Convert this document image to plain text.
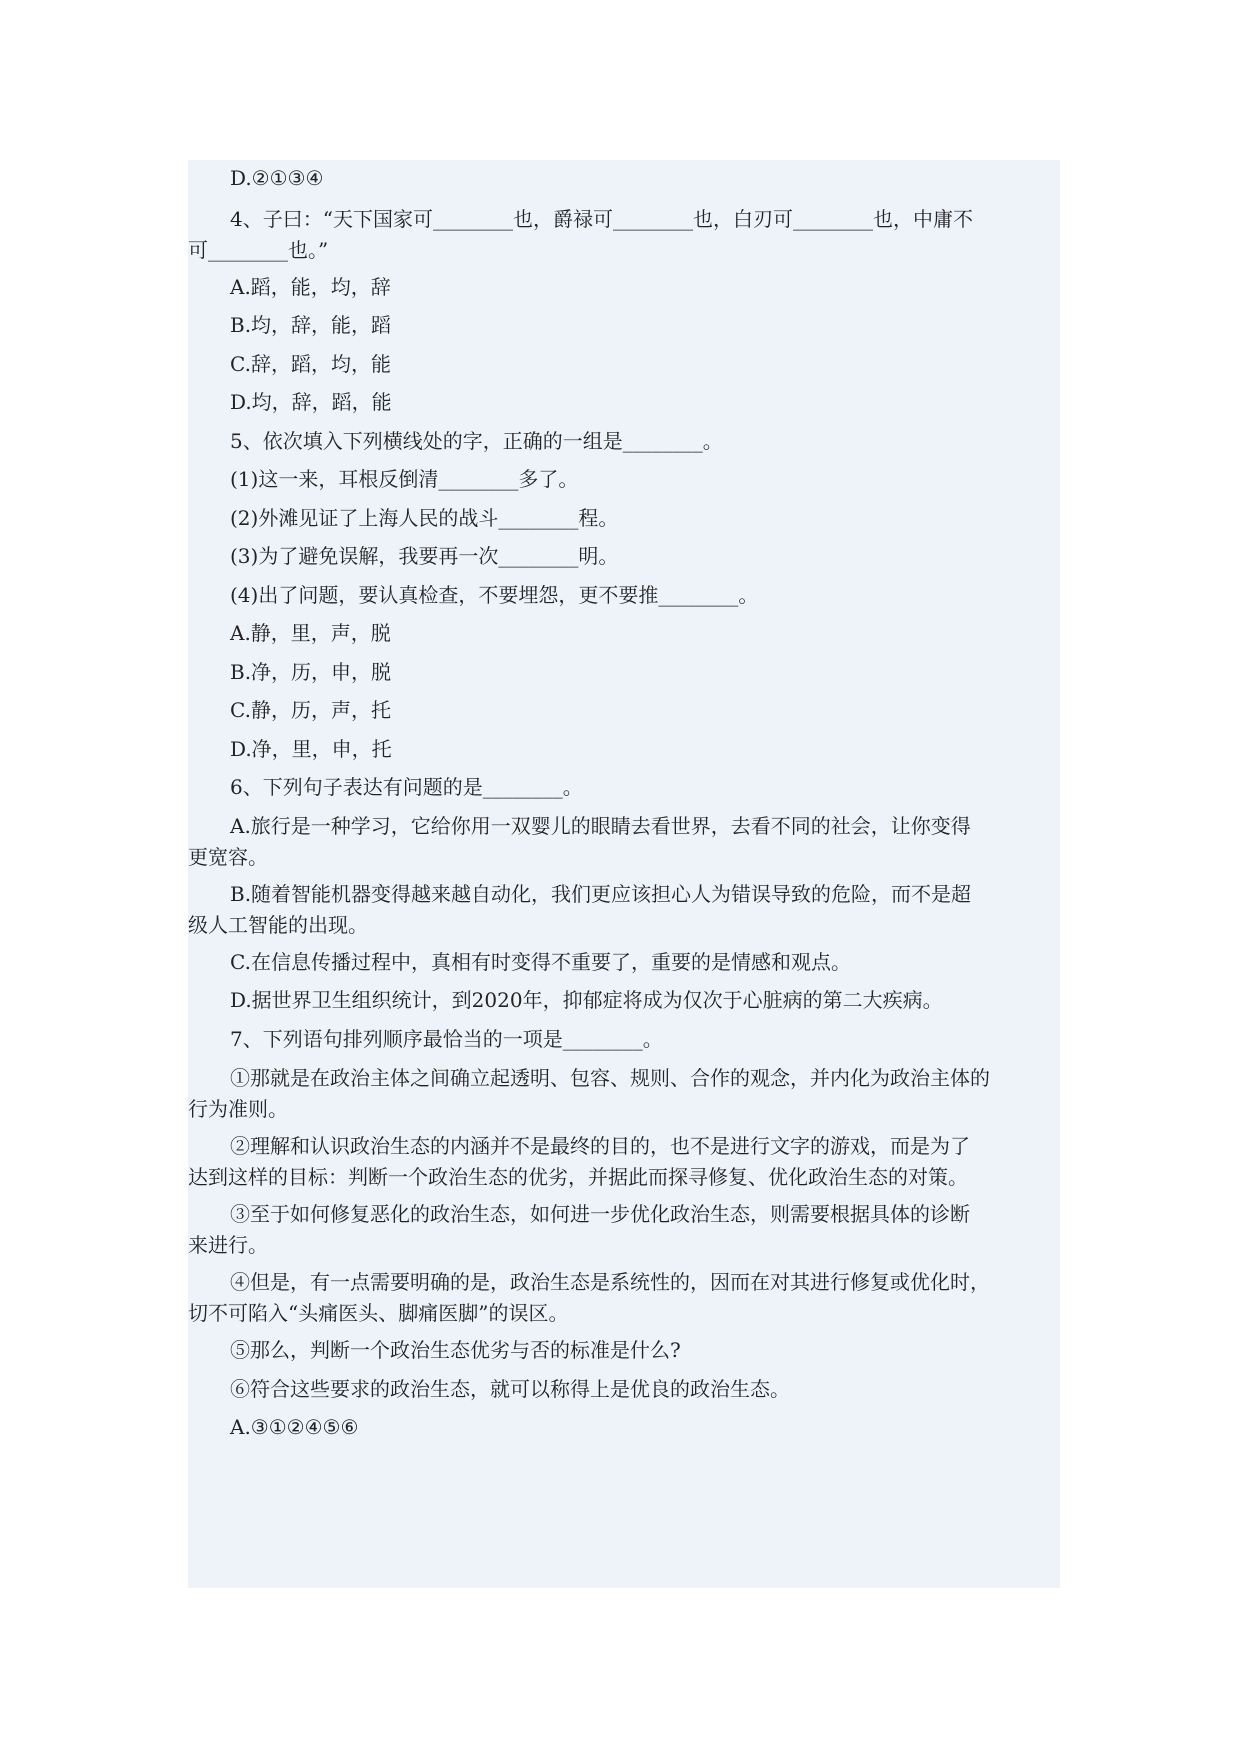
D.②①③④
4、子曰：“天下国家可________也，爵禄可________也，白刃可________也，中庸不
可________也。”
A.蹈，能，均，辞
B.均，辞，能，蹈
C.辞，蹈，均，能
D.均，辞，蹈，能
5、依次填入下列横线处的字，正确的一组是________。
(1)这一来，耳根反倒清________多了。
(2)外滩见证了上海人民的战斗________程。
(3)为了避免误解，我要再一次________明。
(4)出了问题，要认真检查，不要埋怨，更不要推________。
A.静，里，声，脱
B.净，历，申，脱
C.静，历，声，托
D.净，里，申，托
6、下列句子表达有问题的是________。
A.旅行是一种学习，它给你用一双婴儿的眼睛去看世界，去看不同的社会，让你变得
更宽容。
B.随着智能机器变得越来越自动化，我们更应该担心人为错误导致的危险，而不是超
级人工智能的出现。
C.在信息传播过程中，真相有时变得不重要了，重要的是情感和观点。
D.据世界卫生组织统计，到2020年，抑郁症将成为仅次于心脏病的第二大疾病。
7、下列语句排列顺序最恰当的一项是________。
①那就是在政治主体之间确立起透明、包容、规则、合作的观念，并内化为政治主体的
行为准则。
②理解和认识政治生态的内涵并不是最终的目的，也不是进行文字的游戏，而是为了
达到这样的目标：判断一个政治生态的优劣，并据此而探寻修复、优化政治生态的对策。
③至于如何修复恶化的政治生态，如何进一步优化政治生态，则需要根据具体的诊断
来进行。
④但是，有一点需要明确的是，政治生态是系统性的，因而在对其进行修复或优化时，
切不可陷入“头痛医头、脚痛医脚”的误区。
⑤那么，判断一个政治生态优劣与否的标准是什么?
⑥符合这些要求的政治生态，就可以称得上是优良的政治生态。
A.③①②④⑤⑥
